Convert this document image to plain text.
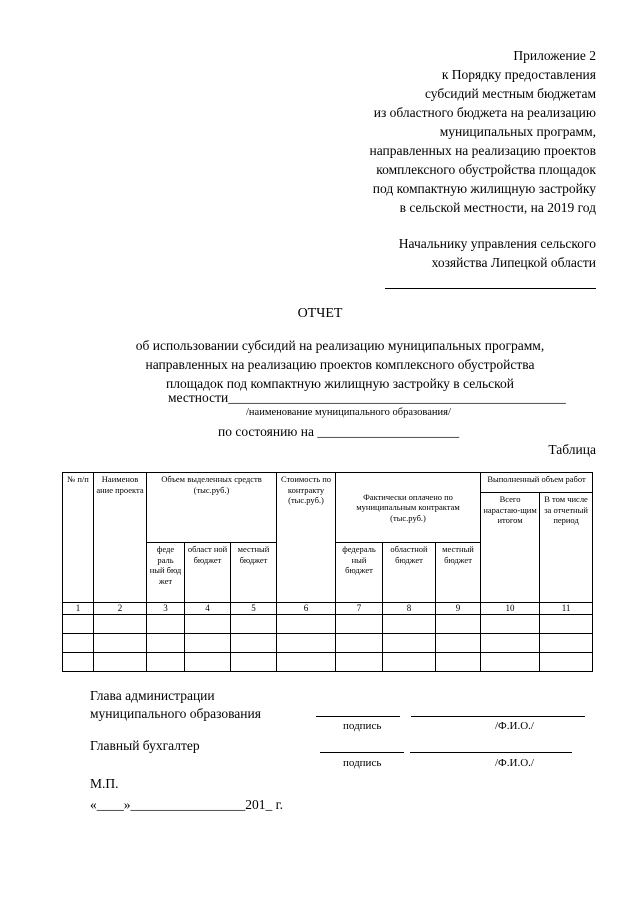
Приложение 2
к Порядку предоставления
субсидий местным бюджетам
из областного бюджета на реализацию
муниципальных программ,
направленных на реализацию проектов
комплексного обустройства площадок
под компактную жилищную застройку
в сельской местности, на 2019 год
Начальнику управления сельского
хозяйства Липецкой области
ОТЧЕТ
об использовании субсидий на реализацию муниципальных программ,
направленных на реализацию проектов комплексного обустройства
площадок под компактную жилищную застройку в сельской
местности__________________________________________________
/наименование муниципального образования/
по состоянию на _____________________
Таблица
№ п/п	Наименов ание проекта	Объем выделенных средств (тыс.руб.)			Стоимость по контракту (тыс.руб.)	Фактически оплачено по муниципальным контрактам (тыс.руб.)			Выполненный объем работ	
									Всего нарастаю-щим итогом	В том числе за отчетный период
		феде раль ный бюд жет	област ной бюджет	местный бюджет		федераль ный бюджет	областной бюджет	местный бюджет		
1	2	3	4	5	6	7	8	9	10	11

Глава администрации
муниципального образования
подпись	/Ф.И.О./
Главный бухгалтер
подпись	/Ф.И.О./
М.П.
«____»_________________201_ г.
